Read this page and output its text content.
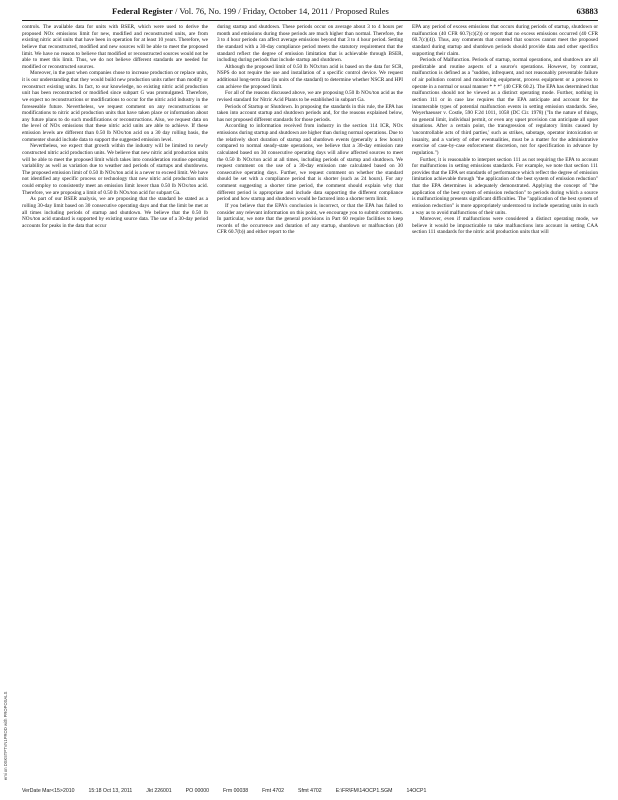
Federal Register / Vol. 76, No. 199 / Friday, October 14, 2011 / Proposed Rules	63883

controls. The available data for units with BSER, which were used to derive the proposed NOx emissions limit for new, modified and reconstructed units, are from existing nitric acid units that have been in operation for at least 10 years. Therefore, we believe that reconstructed, modified and new sources will be able to meet the proposed limit. We have no reason to believe that modified or reconstructed sources would not be able to meet this limit. Thus, we do not believe different standards are needed for modified or reconstructed sources.

Moreover, in the past when companies chose to increase production or replace units, it is our understanding that they would build new production units rather than modify or reconstruct existing units. In fact, to our knowledge, no existing nitric acid production unit has been reconstructed or modified since subpart G was promulgated. Therefore, we expect no reconstructions or modifications to occur for the nitric acid industry in the foreseeable future. Nevertheless, we request comment on any reconstructions or modifications to nitric acid production units that have taken place or information about any future plans to do such modifications or reconstructions. Also, we request data on the level of NOx emissions that these nitric acid units are able to achieve. If these emission levels are different than 0.50 lb NOx/ton acid on a 30 day rolling basis, the commenter should include data to support the suggested emission level.

Nevertheless, we expect that growth within the industry will be limited to newly constructed nitric acid production units. We believe that new nitric acid production units will be able to meet the proposed limit which takes into consideration routine operating variability as well as variation due to weather and periods of startups and shutdowns. The proposed emission limit of 0.50 lb NOx/ton acid is a never to exceed limit. We have not identified any specific process or technology that new nitric acid production units could employ to consistently meet an emission limit lower than 0.50 lb NOx/ton acid. Therefore, we are proposing a limit of 0.50 lb NOx/ton acid for subpart Ga.

As part of our BSER analysis, we are proposing that the standard be stated as a rolling 30-day limit based on 30 consecutive operating days and that the limit be met at all times including periods of startup and shutdown. We believe that the 0.50 lb NOx/ton acid standard is supported by existing source data. The use of a 30-day period accounts for peaks in the data that occur

during startup and shutdown. These periods occur on average about 3 to 4 hours per month and emissions during those periods are much higher than normal. Therefore, the 3 to 4 hour periods can affect average emissions beyond that 3 to 4 hour period. Setting the standard with a 30-day compliance period meets the statutory requirement that the standard reflect the degree of emission limitation that is achievable through BSER, including during periods that include startup and shutdown.

Although the proposed limit of 0.50 lb NOx/ton acid is based on the data for SCR, NSPS do not require the use and installation of a specific control device. We request additional long-term data (in units of the standard) to determine whether NSCR and HPI can achieve the proposed limit.

For all of the reasons discussed above, we are proposing 0.50 lb NOx/ton acid as the revised standard for Nitric Acid Plants to be established in subpart Ga.

Periods of Startup or Shutdown. In proposing the standards in this rule, the EPA has taken into account startup and shutdown periods and, for the reasons explained below, has not proposed different standards for those periods.

According to information received from industry in the section 114 ICR, NOx emissions during startup and shutdown are higher than during normal operations. Due to the relatively short duration of startup and shutdown events (generally a few hours) compared to normal steady-state operations, we believe that a 30-day emission rate calculated based on 30 consecutive operating days will allow affected sources to meet the 0.50 lb NOx/ton acid at all times, including periods of startup and shutdown. We request comment on the use of a 30-day emission rate calculated based on 30 consecutive operating days. Further, we request comment on whether the standard should be set with a compliance period that is shorter (such as 24 hours). For any comment suggesting a shorter time period, the comment should explain why that different period is appropriate and include data supporting the different compliance period and how startup and shutdown would be factored into a shorter term limit.

If you believe that the EPA's conclusion is incorrect, or that the EPA has failed to consider any relevant information on this point, we encourage you to submit comments. In particular, we note that the general provisions in Part 60 require facilities to keep records of the occurrence and duration of any startup, shutdown or malfunction (40 CFR 60.7(b)) and either report to the

EPA any period of excess emissions that occurs during periods of startup, shutdown or malfunction (40 CFR 60.7(c)(2)) or report that no excess emissions occurred (40 CFR 60.7(c)(4)). Thus, any comments that contend that sources cannot meet the proposed standard during startup and shutdown periods should provide data and other specifics supporting their claim.

Periods of Malfunction. Periods of startup, normal operations, and shutdown are all predictable and routine aspects of a source's operations. However, by contrast, malfunction is defined as a "sudden, infrequent, and not reasonably preventable failure of air pollution control and monitoring equipment, process equipment or a process to operate in a normal or usual manner * * *" (40 CFR 60.2). The EPA has determined that malfunctions should not be viewed as a distinct operating mode. Further, nothing in section 111 or in case law requires that the EPA anticipate and account for the innumerable types of potential malfunction events in setting emission standards. See, Weyerhaeuser v. Costle, 590 F.2d 1011, 1058 (DC Cir. 1978) ("In the nature of things, no general limit, individual permit, or even any upset provision can anticipate all upset situations. After a certain point, the transgression of regulatory limits caused by 'uncontrollable acts of third parties,' such as strikes, sabotage, operator intoxication or insanity, and a variety of other eventualities, must be a matter for the administrative exercise of case-by-case enforcement discretion, not for specification in advance by regulation.")

Further, it is reasonable to interpret section 111 as not requiring the EPA to account for malfunctions in setting emissions standards. For example, we note that section 111 provides that the EPA set standards of performance which reflect the degree of emission limitation achievable through "the application of the best system of emission reduction" that the EPA determines is adequately demonstrated. Applying the concept of "the application of the best system of emission reduction" to periods during which a source is malfunctioning presents significant difficulties. The "application of the best system of emission reduction" is more appropriately understood to include operating units in such a way as to avoid malfunctions of their units.

Moreover, even if malfunctions were considered a distinct operating mode, we believe it would be impracticable to take malfunctions into account in setting CAA section 111 standards for the nitric acid production units that will

emi on DSK5TPTVN1PROD with PROPOSALS
VerDate Mar<15>2010	15:18 Oct 13, 2011	Jkt 226001	PO 00000	Frm 00038	Fmt 4702	Sfmt 4702	E:\FR\FM\14OCP1.SGM	14OCP1
